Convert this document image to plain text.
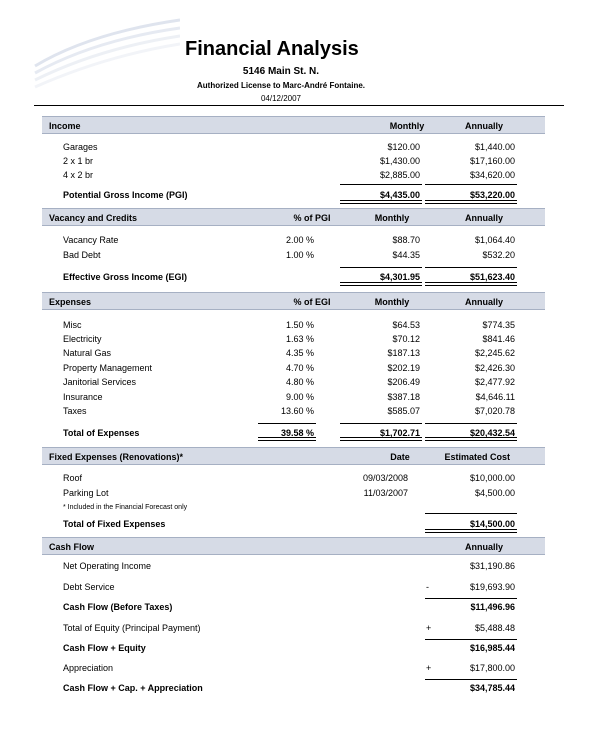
Financial Analysis
5146 Main St. N.
Authorized License to Marc-André Fontaine.
04/12/2007
Income	Monthly	Annually
Garages	$120.00	$1,440.00
2 x 1 br	$1,430.00	$17,160.00
4 x 2 br	$2,885.00	$34,620.00
Potential Gross Income (PGI)	$4,435.00	$53,220.00
Vacancy and Credits	% of PGI	Monthly	Annually
Vacancy Rate	2.00 %	$88.70	$1,064.40
Bad Debt	1.00 %	$44.35	$532.20
Effective Gross Income (EGI)	$4,301.95	$51,623.40
Expenses	% of EGI	Monthly	Annually
Misc	1.50 %	$64.53	$774.35
Electricity	1.63 %	$70.12	$841.46
Natural Gas	4.35 %	$187.13	$2,245.62
Property Management	4.70 %	$202.19	$2,426.30
Janitorial Services	4.80 %	$206.49	$2,477.92
Insurance	9.00 %	$387.18	$4,646.11
Taxes	13.60 %	$585.07	$7,020.78
Total of Expenses	39.58 %	$1,702.71	$20,432.54
Fixed Expenses (Renovations)*	Date	Estimated Cost
Roof	09/03/2008	$10,000.00
Parking Lot	11/03/2007	$4,500.00
* Included in the Financial Forecast only
Total of Fixed Expenses	$14,500.00
Cash Flow	Annually
Net Operating Income	$31,190.86
Debt Service	-	$19,693.90
Cash Flow (Before Taxes)	$11,496.96
Total of Equity (Principal Payment)	+	$5,488.48
Cash Flow + Equity	$16,985.44
Appreciation	+	$17,800.00
Cash Flow + Cap. + Appreciation	$34,785.44
